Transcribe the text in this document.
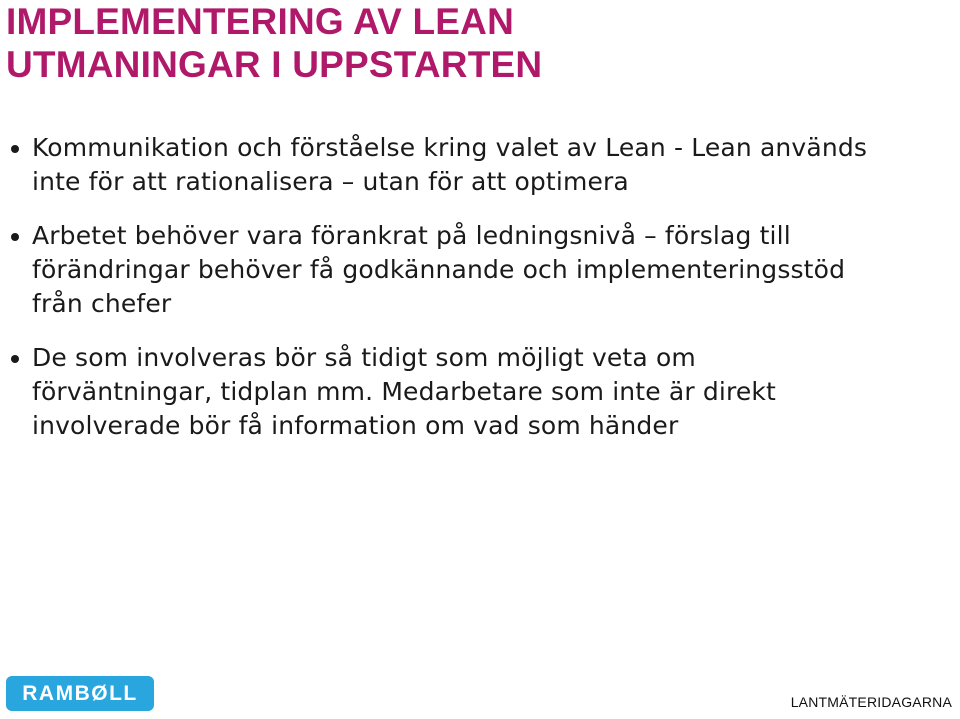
IMPLEMENTERING AV LEAN
UTMANINGAR I UPPSTARTEN
Kommunikation och förståelse kring valet av Lean - Lean används
inte för att rationalisera – utan för att optimera
Arbetet behöver vara förankrat på ledningsnivå – förslag till
förändringar behöver få godkännande och implementeringsstöd
från chefer
De som involveras bör så tidigt som möjligt veta om
förväntningar, tidplan mm. Medarbetare som inte är direkt
involverade bör få information om vad som händer
RAMBØLL	LANTMÄTERIDAGARNA
